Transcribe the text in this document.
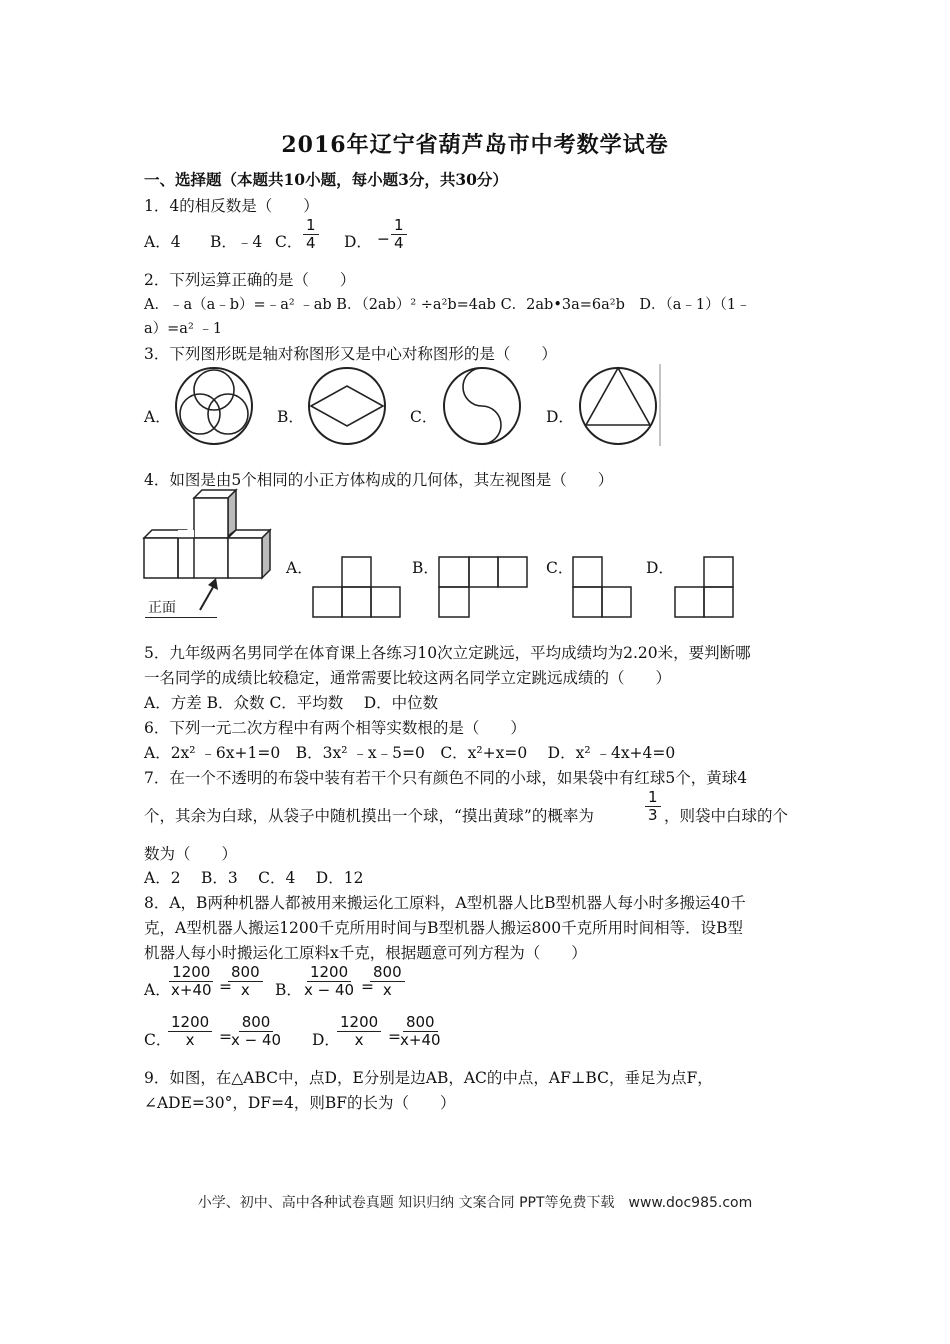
2016年辽宁省葫芦岛市中考数学试卷
一、选择题（本题共10小题，每小题3分，共30分）
1．4的相反数是（　　）
A．4 B．﹣4 C． $\frac{1}{4}$ D． − $\frac{1}{4}$
2．下列运算正确的是（　　）
A．﹣a（a﹣b）=﹣a² ﹣ab B．（2ab）² ÷a²b=4ab C．2ab•3a=6a²b　D．（a﹣1）（1﹣
a）=a² ﹣1
3．下列图形既是轴对称图形又是中心对称图形的是（　　）
A．	B．	C．	D．
4．如图是由5个相同的小正方体构成的几何体，其左视图是（　　）
正面
A．	B．	C．	D．
5．九年级两名男同学在体育课上各练习10次立定跳远，平均成绩均为2.20米，要判断哪
一名同学的成绩比较稳定，通常需要比较这两名同学立定跳远成绩的（　　）
A．方差 B．众数 C．平均数　 D．中位数
6．下列一元二次方程中有两个相等实数根的是（　　）
A．2x² ﹣6x+1=0　B．3x² ﹣x﹣5=0　C．x²+x=0　 D．x² ﹣4x+4=0
7．在一个不透明的布袋中装有若干个只有颜色不同的小球，如果袋中有红球5个，黄球4
个，其余为白球，从袋子中随机摸出一个球，“摸出黄球”的概率为	$\frac{1}{3}$ ，则袋中白球的个
数为（　　）
A．2　 B．3　 C．4　 D．12
8．A，B两种机器人都被用来搬运化工原料，A型机器人比B型机器人每小时多搬运40千
克，A型机器人搬运1200千克所用时间与B型机器人搬运800千克所用时间相等．设B型
机器人每小时搬运化工原料x千克，根据题意可列方程为（　　）
A．
$\frac{1200}{x+40}$ =
$\frac{800}{x}$ B． $\frac{1200}{x - 40}$ =
$\frac{800}{x}$
C．
$\frac{1200}{x}$ =
$\frac{800}{x - 40}$ D．
$\frac{1200}{x}$ =
$\frac{800}{x+40}$
9．如图，在△ABC中，点D，E分别是边AB，AC的中点，AF⊥BC，垂足为点F，
∠ADE=30°，DF=4，则BF的长为（　　）
小学、初中、高中各种试卷真题 知识归纳 文案合同 PPT等免费下载　www.doc985.com
